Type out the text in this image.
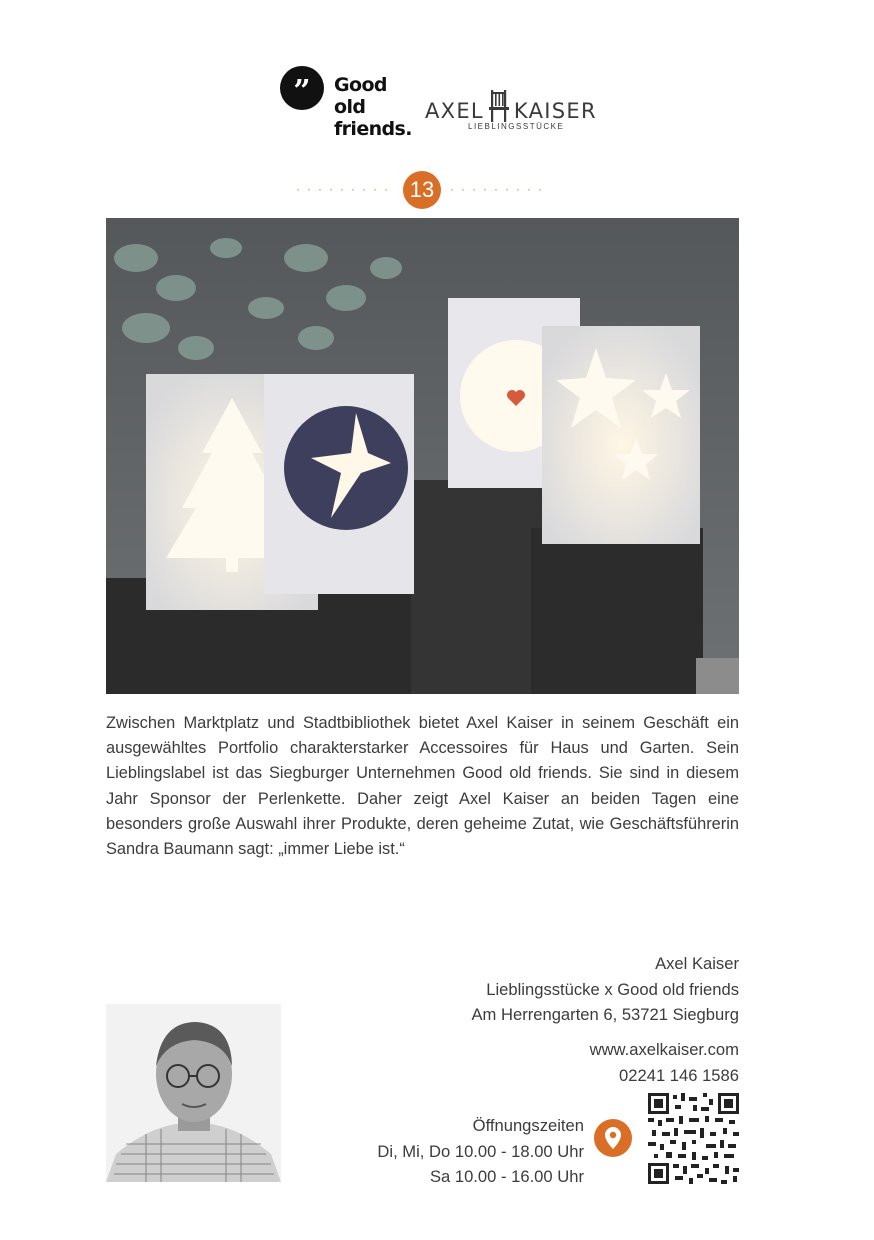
”	Good
old
friends.
AXEL KAISER
LIEBLINGSSTÜCKE
·········	·········
13
Zwischen Marktplatz und Stadtbibliothek bietet Axel Kaiser in seinem Geschäft ein ausgewähltes Portfolio charakterstarker Accessoires für Haus und Garten. Sein Lieblingslabel ist das Siegburger Unternehmen Good old friends. Sie sind in diesem Jahr Sponsor der Perlenkette. Daher zeigt Axel Kaiser an beiden Tagen eine besonders große Auswahl ihrer Produkte, deren geheime Zutat, wie Geschäftsführerin Sandra Baumann sagt: „immer Liebe ist.“
Axel Kaiser
Lieblingsstücke x Good old friends
Am Herrengarten 6, 53721 Siegburg
www.axelkaiser.com
02241 146 1586
Öffnungszeiten
Di, Mi, Do 10.00 - 18.00 Uhr
Sa 10.00 - 16.00 Uhr
